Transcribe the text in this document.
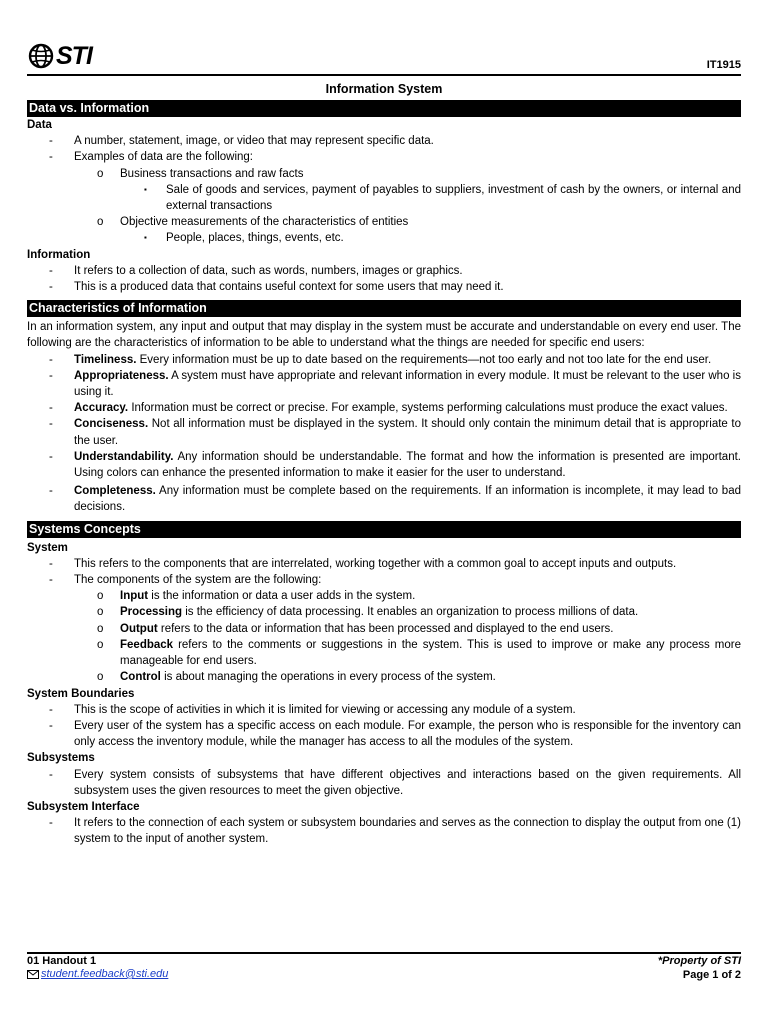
STI	IT1915
Information System
Data vs. Information
Data
- A number, statement, image, or video that may represent specific data.
- Examples of data are the following:
o Business transactions and raw facts
▪ Sale of goods and services, payment of payables to suppliers, investment of cash by the owners, or internal and external transactions
o Objective measurements of the characteristics of entities
▪ People, places, things, events, etc.
Information
- It refers to a collection of data, such as words, numbers, images or graphics.
- This is a produced data that contains useful context for some users that may need it.
Characteristics of Information

In an information system, any input and output that may display in the system must be accurate and understandable on every end user. The following are the characteristics of information to be able to understand what the things are needed for specific end users:

- Timeliness. Every information must be up to date based on the requirements—not too early and not too late for the end user.
- Appropriateness. A system must have appropriate and relevant information in every module. It must be relevant to the user who is using it.
- Accuracy. Information must be correct or precise. For example, systems performing calculations must produce the exact values.
- Conciseness. Not all information must be displayed in the system. It should only contain the minimum detail that is appropriate to the user.
- Understandability. Any information should be understandable. The format and how the information is presented are important. Using colors can enhance the presented information to make it easier for the user to understand.
- Completeness. Any information must be complete based on the requirements. If an information is incomplete, it may lead to bad decisions.
Systems Concepts
System
- This refers to the components that are interrelated, working together with a common goal to accept inputs and outputs.
- The components of the system are the following:
o Input is the information or data a user adds in the system.
o Processing is the efficiency of data processing. It enables an organization to process millions of data.
o Output refers to the data or information that has been processed and displayed to the end users.
o Feedback refers to the comments or suggestions in the system. This is used to improve or make any process more manageable for end users.
o Control is about managing the operations in every process of the system.
System Boundaries
- This is the scope of activities in which it is limited for viewing or accessing any module of a system.
- Every user of the system has a specific access on each module. For example, the person who is responsible for the inventory can only access the inventory module, while the manager has access to all the modules of the system.
Subsystems
- Every system consists of subsystems that have different objectives and interactions based on the given requirements. All subsystem uses the given resources to meet the given objective.
Subsystem Interface
- It refers to the connection of each system or subsystem boundaries and serves as the connection to display the output from one (1) system to the input of another system.
01 Handout 1	*Property of STI
student.feedback@sti.edu	Page 1 of 2
